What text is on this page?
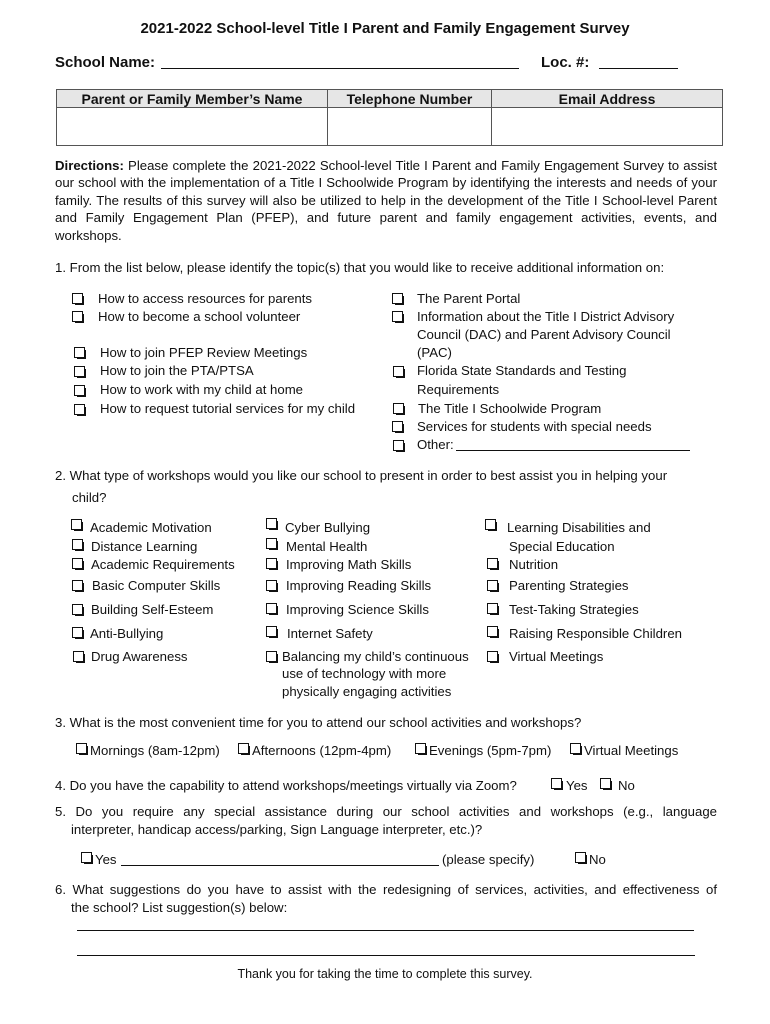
2021-2022 School-level Title I Parent and Family Engagement Survey
School Name:	Loc. #:
Parent or Family Member’s Name	Telephone Number	Email Address

Directions: Please complete the 2021-2022 School-level Title I Parent and Family Engagement Survey to assist our school with the implementation of a Title I Schoolwide Program by identifying the interests and needs of your family. The results of this survey will also be utilized to help in the development of the Title I School-level Parent and Family Engagement Plan (PFEP), and future parent and family engagement activities, events, and workshops.
1. From the list below, please identify the topic(s) that you would like to receive additional information on:
How to access resources for parents
How to become a school volunteer
How to join PFEP Review Meetings
How to join the PTA/PTSA
How to work with my child at home
How to request tutorial services for my child
The Parent Portal
Information about the Title I District Advisory
Council (DAC) and Parent Advisory Council
(PAC)
Florida State Standards and Testing
Requirements
The Title I Schoolwide Program
Services for students with special needs
Other:
2. What type of workshops would you like our school to present in order to best assist you in helping your
child?
Academic Motivation
Distance Learning
Academic Requirements
Basic Computer Skills
Building Self-Esteem
Anti-Bullying
Drug Awareness
Cyber Bullying
Mental Health
Improving Math Skills
Improving Reading Skills
Improving Science Skills
Internet Safety
Balancing my child’s continuous
use of technology with more
physically engaging activities
Learning Disabilities and
Special Education
Nutrition
Parenting Strategies
Test-Taking Strategies
Raising Responsible Children
Virtual Meetings
3. What is the most convenient time for you to attend our school activities and workshops?
Mornings (8am-12pm) Afternoons (12pm-4pm)	Evenings (5pm-7pm) Virtual Meetings
4. Do you have the capability to attend workshops/meetings virtually via Zoom?	Yes No
5. Do you require any special assistance during our school activities and workshops (e.g., language
interpreter, handicap access/parking, Sign Language interpreter, etc.)?
Yes	(please specify)	No
6. What suggestions do you have to assist with the redesigning of services, activities, and effectiveness of
the school? List suggestion(s) below:
Thank you for taking the time to complete this survey.
